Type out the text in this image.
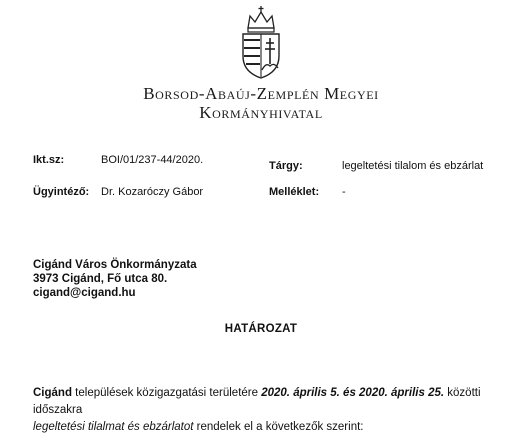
Borsod-Abaúj-Zemplén Megyei
Kormányhivatal
Ikt.sz:	BOI/01/237-44/2020.
Ügyintéző: Dr. Kozaróczy Gábor
Tárgy:	legeltetési tilalom és ebzárlat
Melléklet: -
Cigánd Város Önkormányzata
3973 Cigánd, Fő utca 80.
cigand@cigand.hu
HATÁROZAT
Cigánd települések közigazgatási területére 2020. április 5. és 2020. április 25. közötti időszakra
legeltetési tilalmat és ebzárlatot rendelek el a következők szerint:
